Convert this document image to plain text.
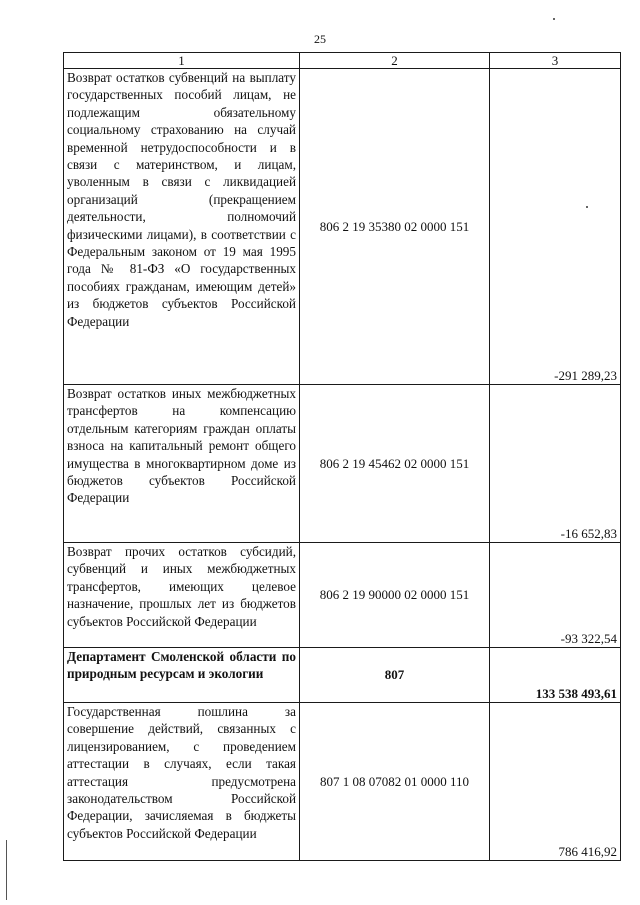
25
1	2	3
Возврат остатков субвенций на выплату государственных пособий лицам, не подлежащим обязательному социальному страхованию на случай временной нетрудоспособности и в связи с материнством, и лицам, уволенным в связи с ликвидацией организаций (прекращением деятельности, полномочий физическими лицами), в соответствии с Федеральным законом от 19 мая 1995 года № 81-ФЗ «О государственных пособиях гражданам, имеющим детей» из бюджетов субъектов Российской Федерации	806 2 19 35380 02 0000 151	-291 289,23
Возврат остатков иных межбюджетных трансфертов на компенсацию отдельным категориям граждан оплаты взноса на капитальный ремонт общего имущества в многоквартирном доме из бюджетов субъектов Российской Федерации	806 2 19 45462 02 0000 151	-16 652,83
Возврат прочих остатков субсидий, субвенций и иных межбюджетных трансфертов, имеющих целевое назначение, прошлых лет из бюджетов субъектов Российской Федерации	806 2 19 90000 02 0000 151	-93 322,54
Департамент Смоленской области по природным ресурсам и экологии	807	133 538 493,61
Государственная пошлина за совершение действий, связанных с лицензированием, с проведением аттестации в случаях, если такая аттестация предусмотрена законодательством Российской Федерации, зачисляемая в бюджеты субъектов Российской Федерации	807 1 08 07082 01 0000 110	786 416,92
